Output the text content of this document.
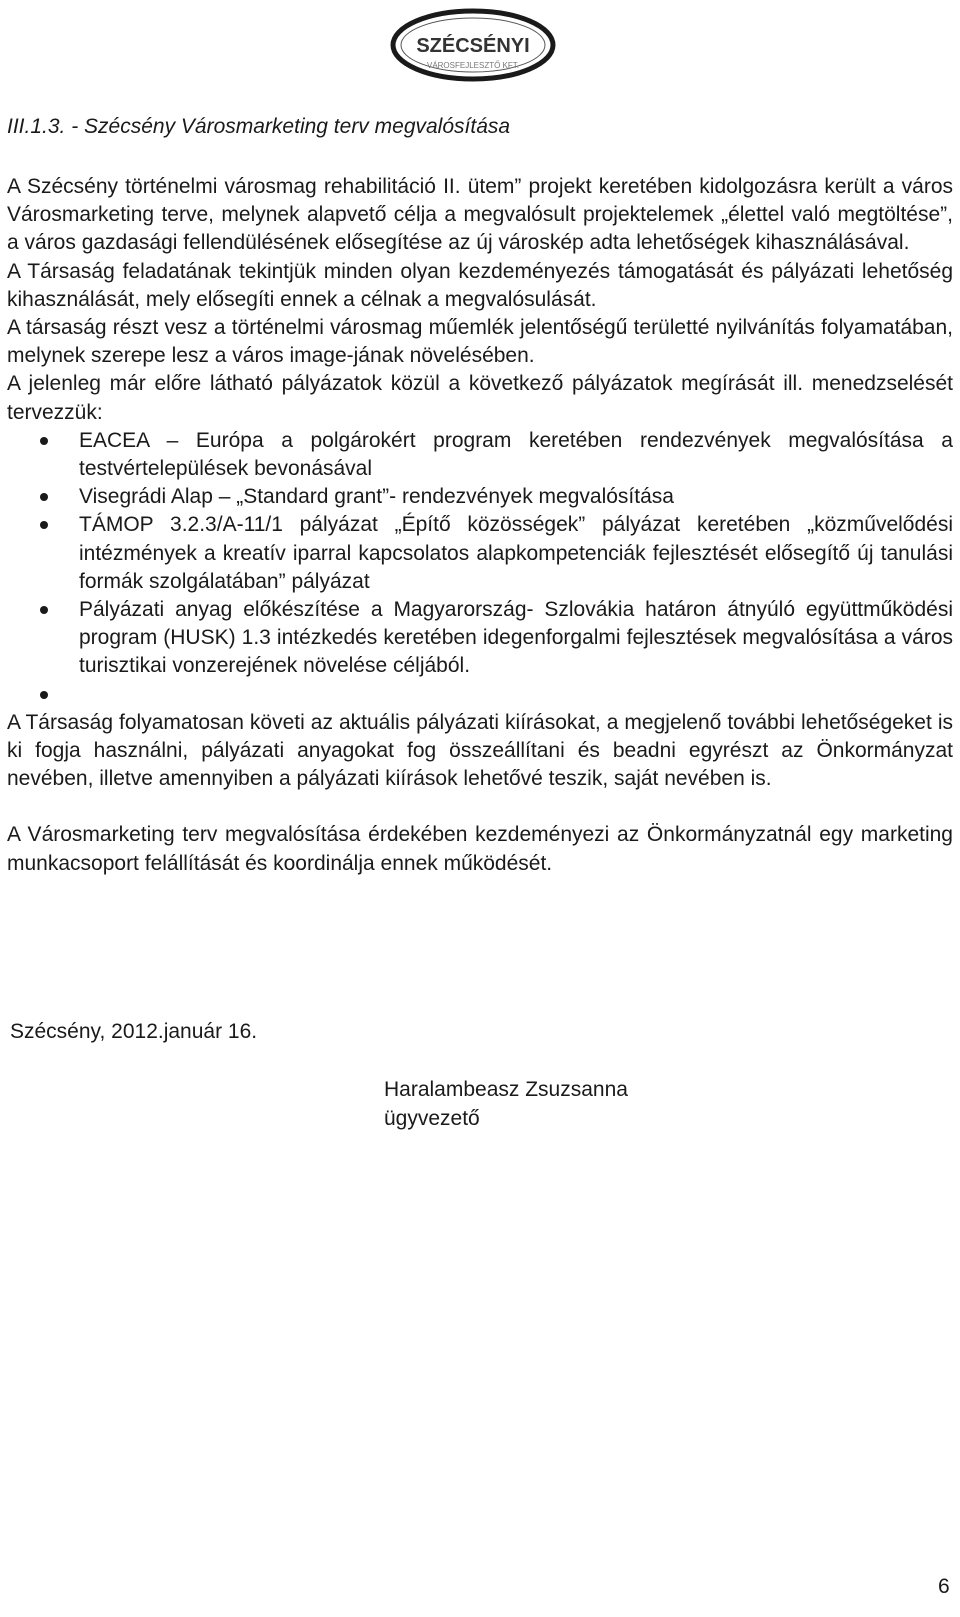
SZÉCSÉNYI
VÁROSFEJLESZTŐ KFT.
III.1.3. - Szécsény Városmarketing terv megvalósítása

A Szécsény történelmi városmag rehabilitáció II. ütem” projekt keretében kidolgozásra került a város Városmarketing terve, melynek alapvető célja a megvalósult projektelemek „élettel való megtöltése”, a város gazdasági fellendülésének elősegítése az új városkép adta lehetőségek kihasználásával.

A Társaság feladatának tekintjük minden olyan kezdeményezés támogatását és pályázati lehetőség kihasználását, mely elősegíti ennek a célnak a megvalósulását.

A társaság részt vesz a történelmi városmag műemlék jelentőségű területté nyilvánítás folyamatában, melynek szerepe lesz a város image-jának növelésében.

A jelenleg már előre látható pályázatok közül a következő pályázatok megírását ill. menedzselését tervezzük:

EACEA – Európa a polgárokért program keretében rendezvények megvalósítása a testvértelepülések bevonásával
Visegrádi Alap – „Standard grant”- rendezvények megvalósítása
TÁMOP 3.2.3/A-11/1 pályázat „Építő közösségek” pályázat keretében „közművelődési intézmények a kreatív iparral kapcsolatos alapkompetenciák fejlesztését elősegítő új tanulási formák szolgálatában” pályázat
Pályázati anyag előkészítése a Magyarország- Szlovákia határon átnyúló együttműködési program (HUSK) 1.3 intézkedés keretében idegenforgalmi fejlesztések megvalósítása a város turisztikai vonzerejének növelése céljából.

A Társaság folyamatosan követi az aktuális pályázati kiírásokat, a megjelenő további lehetőségeket is ki fogja használni, pályázati anyagokat fog összeállítani és beadni egyrészt az Önkormányzat nevében, illetve amennyiben a pályázati kiírások lehetővé teszik, saját nevében is.

A Városmarketing terv megvalósítása érdekében kezdeményezi az Önkormányzatnál egy marketing munkacsoport felállítását és koordinálja ennek működését.

Szécsény, 2012.január 16.
Haralambeasz Zsuzsanna
ügyvezető
6
